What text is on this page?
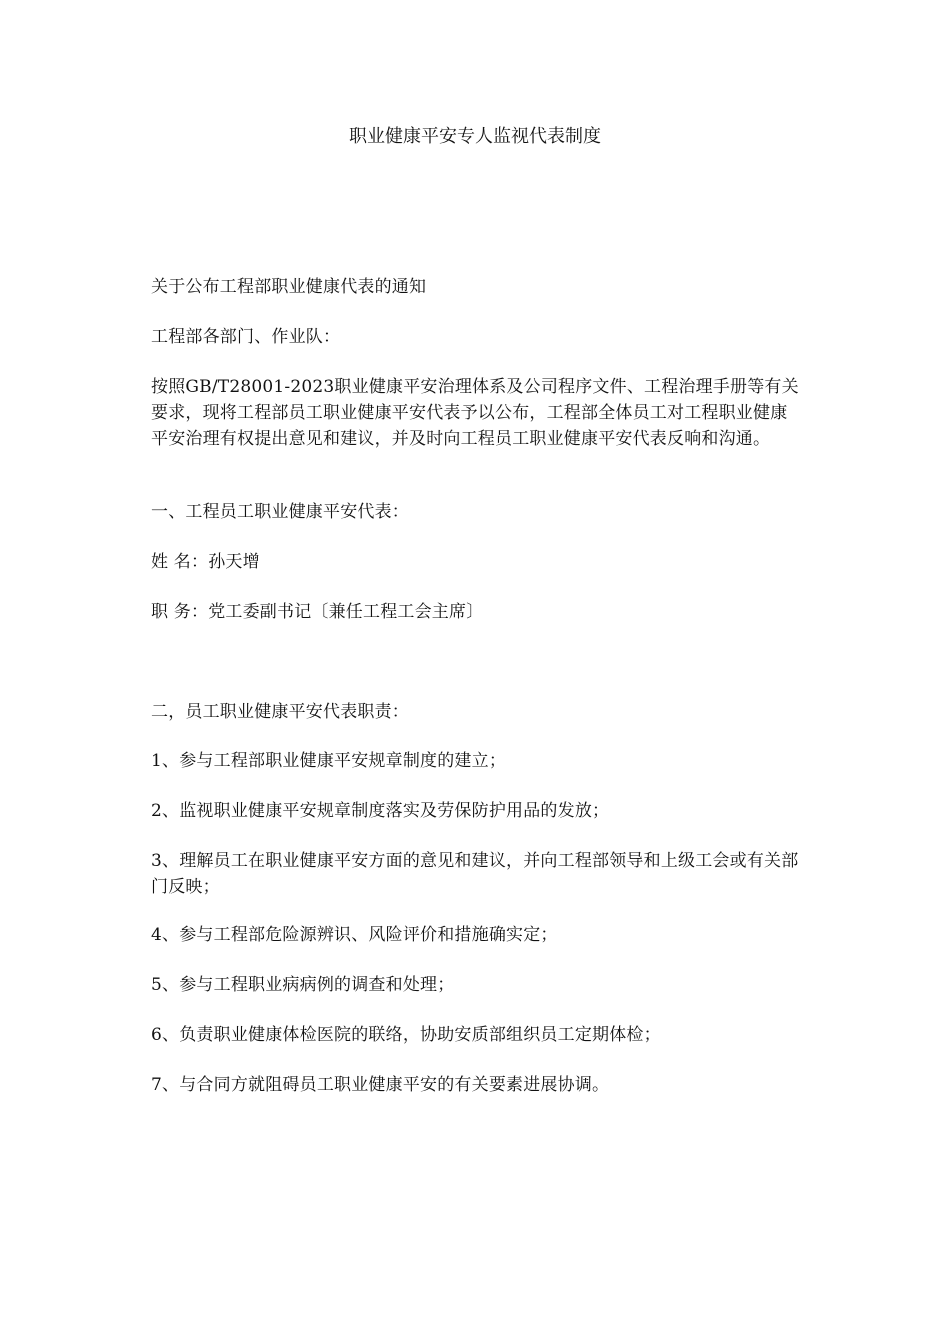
职业健康平安专人监视代表制度
关于公布工程部职业健康代表的通知
工程部各部门、作业队：
按照GB/T28001-2023职业健康平安治理体系及公司程序文件、工程治理手册等有关要求，现将工程部员工职业健康平安代表予以公布，工程部全体员工对工程职业健康平安治理有权提出意见和建议，并及时向工程员工职业健康平安代表反响和沟通。
一、工程员工职业健康平安代表：
姓 名：孙天增
职 务：党工委副书记〔兼任工程工会主席〕
二，员工职业健康平安代表职责：
1、参与工程部职业健康平安规章制度的建立；
2、监视职业健康平安规章制度落实及劳保防护用品的发放；
3、理解员工在职业健康平安方面的意见和建议，并向工程部领导和上级工会或有关部门反映；
4、参与工程部危险源辨识、风险评价和措施确实定；
5、参与工程职业病病例的调查和处理；
6、负责职业健康体检医院的联络，协助安质部组织员工定期体检；
7、与合同方就阻碍员工职业健康平安的有关要素进展协调。
